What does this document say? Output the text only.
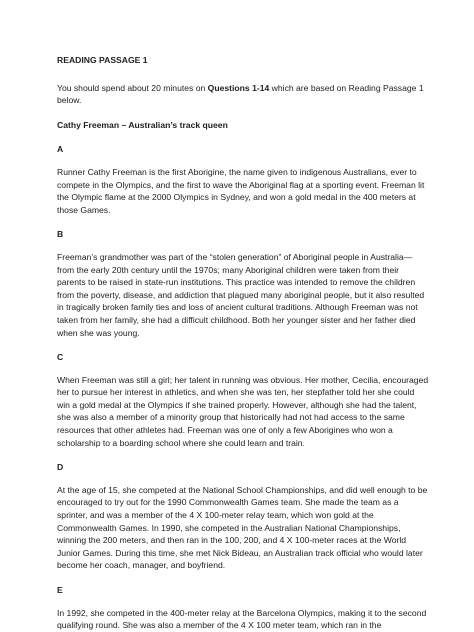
READING PASSAGE 1

You should spend about 20 minutes on Questions 1-14 which are based on Reading Passage 1 below.

Cathy Freeman – Australian’s track queen

A

Runner Cathy Freeman is the first Aborigine, the name given to indigenous Australians, ever to compete in the Olympics, and the first to wave the Aboriginal flag at a sporting event. Freeman lit the Olympic flame at the 2000 Olympics in Sydney, and won a gold medal in the 400 meters at those Games.

B

Freeman’s grandmother was part of the “stolen generation” of Aboriginal people in Australia—from the early 20th century until the 1970s; many Aboriginal children were taken from their parents to be raised in state-run institutions. This practice was intended to remove the children from the poverty, disease, and addiction that plagued many aboriginal people, but it also resulted in tragically broken family ties and loss of ancient cultural traditions. Although Freeman was not taken from her family, she had a difficult childhood. Both her younger sister and her father died when she was young.

C

When Freeman was still a girl; her talent in running was obvious. Her mother, Cecilia, encouraged her to pursue her interest in athletics, and when she was ten, her stepfather told her she could win a gold medal at the Olympics if she trained properly. However, although she had the talent, she was also a member of a minority group that historically had not had access to the same resources that other athletes had. Freeman was one of only a few Aborigines who won a scholarship to a boarding school where she could learn and train.

D

At the age of 15, she competed at the National School Championships, and did well enough to be encouraged to try out for the 1990 Commonwealth Games team. She made the team as a sprinter, and was a member of the 4 X 100-meter relay team, which won gold at the Commonwealth Games. In 1990, she competed in the Australian National Championships, winning the 200 meters, and then ran in the 100, 200, and 4 X 100-meter races at the World Junior Games. During this time, she met Nick Bideau, an Australian track official who would later become her coach, manager, and boyfriend.

E

In 1992, she competed in the 400-meter relay at the Barcelona Olympics, making it to the second qualifying round. She was also a member of the 4 X 100 meter team, which ran in the
